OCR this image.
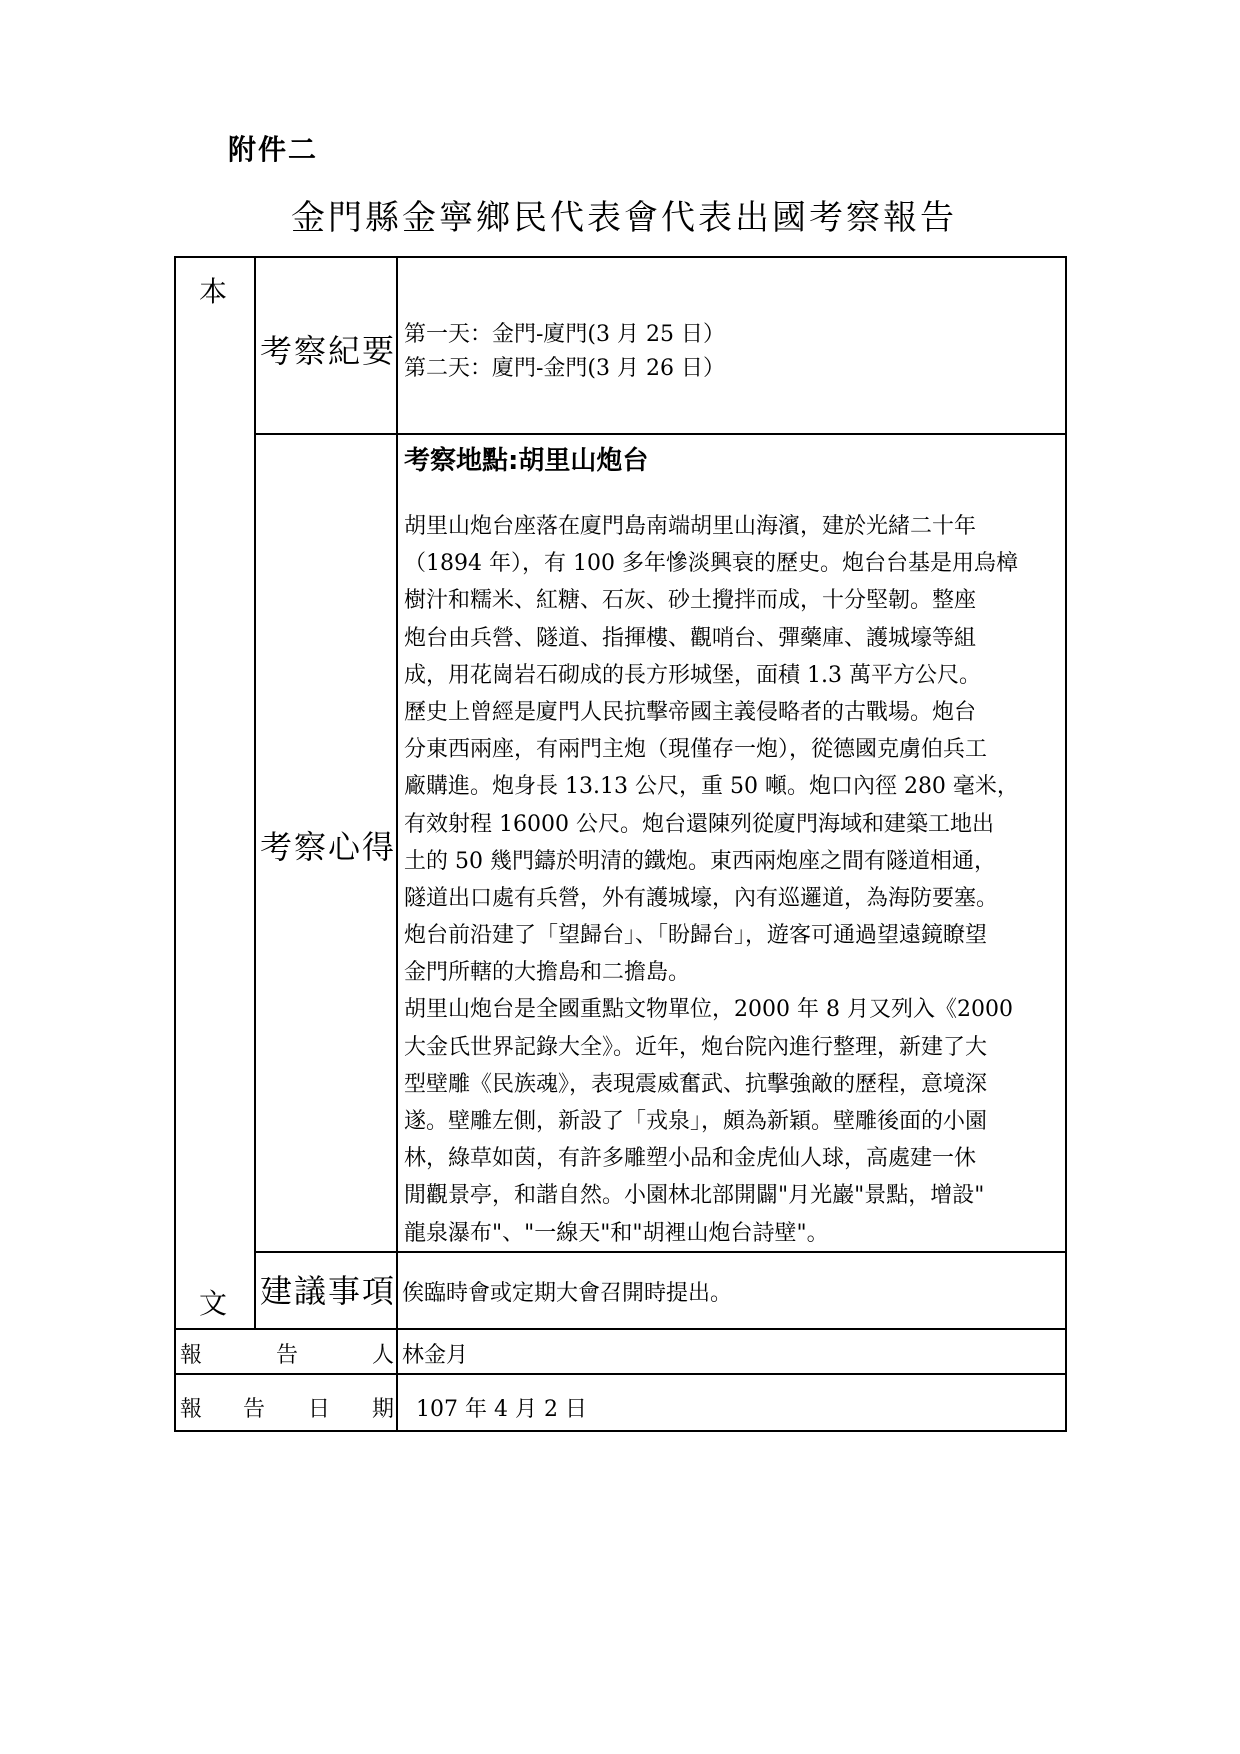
附件二
金門縣金寧鄉民代表會代表出國考察報告
本
文
考察紀要 第一天：金門-廈門(3 月 25 日）
第二天：廈門-金門(3 月 26 日）
考察心得
考察地點:胡里山炮台
胡里山炮台座落在廈門島南端胡里山海濱，建於光緒二十年
（1894 年），有 100 多年慘淡興衰的歷史。炮台台基是用烏樟
樹汁和糯米、紅糖、石灰、砂土攪拌而成，十分堅韌。整座
炮台由兵營、隧道、指揮樓、觀哨台、彈藥庫、護城壕等組
成，用花崗岩石砌成的長方形城堡，面積 1.3 萬平方公尺。
歷史上曾經是廈門人民抗擊帝國主義侵略者的古戰場。炮台
分東西兩座，有兩門主炮（現僅存一炮），從德國克虜伯兵工
廠購進。炮身長 13.13 公尺，重 50 噸。炮口內徑 280 毫米，
有效射程 16000 公尺。炮台還陳列從廈門海域和建築工地出
土的 50 幾門鑄於明清的鐵炮。東西兩炮座之間有隧道相通，
隧道出口處有兵營，外有護城壕，內有巡邏道，為海防要塞。
炮台前沿建了「望歸台」、「盼歸台」，遊客可通過望遠鏡瞭望
金門所轄的大擔島和二擔島。
胡里山炮台是全國重點文物單位，2000 年 8 月又列入《2000
大金氏世界記錄大全》。近年，炮台院內進行整理，新建了大
型壁雕《民族魂》，表現震威奮武、抗擊強敵的歷程，意境深
遂。壁雕左側，新設了「戎泉」，頗為新穎。壁雕後面的小園
林，綠草如茵，有許多雕塑小品和金虎仙人球，高處建一休
閒觀景亭，和諧自然。小園林北部開闢"月光巖"景點，增設"
龍泉瀑布"、"一線天"和"胡裡山炮台詩壁"。
建議事項 俟臨時會或定期大會召開時提出。
報	告	人 林金月
報 告 日 期 107 年 4 月 2 日
